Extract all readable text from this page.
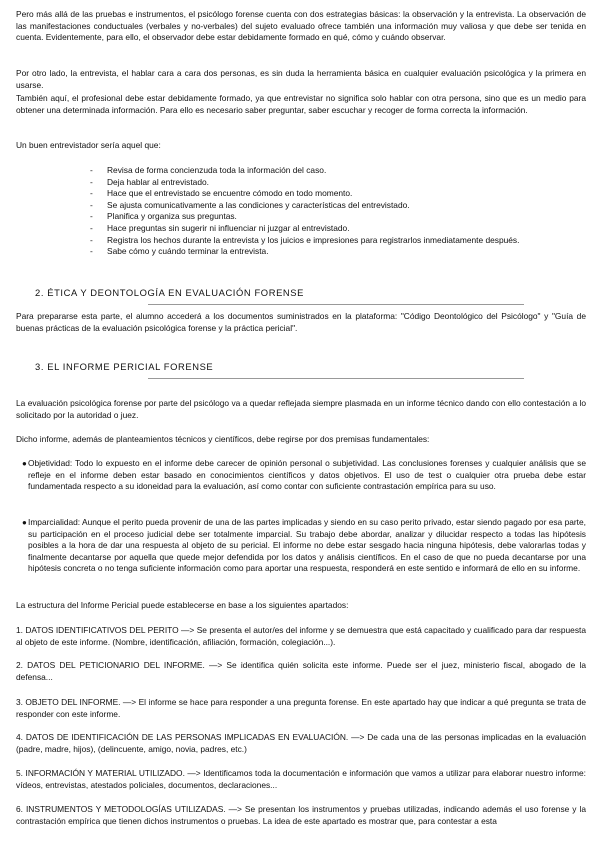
Pero más allá de las pruebas e instrumentos, el psicólogo forense cuenta con dos estrategias básicas: la observación y la entrevista. La observación de las manifestaciones conductuales (verbales y no-verbales) del sujeto evaluado ofrece también una información muy valiosa y que debe ser tenida en cuenta. Evidentemente, para ello, el observador debe estar debidamente formado en qué, cómo y cuándo observar.

Por otro lado, la entrevista, el hablar cara a cara dos personas, es sin duda la herramienta básica en cualquier evaluación psicológica y la primera en usarse.

También aquí, el profesional debe estar debidamente formado, ya que entrevistar no significa solo hablar con otra persona, sino que es un medio para obtener una determinada información. Para ello es necesario saber preguntar, saber escuchar y recoger de forma correcta la información.

Un buen entrevistador sería aquel que:

- Revisa de forma concienzuda toda la información del caso.
- Deja hablar al entrevistado.
- Hace que el entrevistado se encuentre cómodo en todo momento.
- Se ajusta comunicativamente a las condiciones y características del entrevistado.
- Planifica y organiza sus preguntas.
- Hace preguntas sin sugerir ni influenciar ni juzgar al entrevistado.
- Registra los hechos durante la entrevista y los juicios e impresiones para registrarlos inmediatamente después.
- Sabe cómo y cuándo terminar la entrevista.
2. ÉTICA Y DEONTOLOGÍA EN EVALUACIÓN FORENSE

Para prepararse esta parte, el alumno accederá a los documentos suministrados en la plataforma: "Código Deontológico del Psicólogo" y "Guía de buenas prácticas de la evaluación psicológica forense y la práctica pericial".

3. EL INFORME PERICIAL FORENSE

La evaluación psicológica forense por parte del psicólogo va a quedar reflejada siempre plasmada en un informe técnico dando con ello contestación a lo solicitado por la autoridad o juez.

Dicho informe, además de planteamientos técnicos y científicos, debe regirse por dos premisas fundamentales:

● Objetividad: Todo lo expuesto en el informe debe carecer de opinión personal o subjetividad. Las conclusiones forenses y cualquier análisis que se refleje en el informe deben estar basado en conocimientos científicos y datos objetivos. El uso de test o cualquier otra prueba debe estar fundamentada respecto a su idoneidad para la evaluación, así como contar con suficiente contrastación empírica para su uso.

● Imparcialidad: Aunque el perito pueda provenir de una de las partes implicadas y siendo en su caso perito privado, estar siendo pagado por esa parte, su participación en el proceso judicial debe ser totalmente imparcial. Su trabajo debe abordar, analizar y dilucidar respecto a todas las hipótesis posibles a la hora de dar una respuesta al objeto de su pericial. El informe no debe estar sesgado hacia ninguna hipótesis, debe valorarlas todas y finalmente decantarse por aquella que quede mejor defendida por los datos y análisis científicos. En el caso de que no pueda decantarse por una hipótesis concreta o no tenga suficiente información como para aportar una respuesta, responderá en este sentido e informará de ello en su informe.

La estructura del Informe Pericial puede establecerse en base a los siguientes apartados:

1. DATOS IDENTIFICATIVOS DEL PERITO —> Se presenta el autor/es del informe y se demuestra que está capacitado y cualificado para dar respuesta al objeto de este informe. (Nombre, identificación, afiliación, formación, colegiación...).

2. DATOS DEL PETICIONARIO DEL INFORME. —> Se identifica quién solicita este informe. Puede ser el juez, ministerio fiscal, abogado de la defensa...

3. OBJETO DEL INFORME. —> El informe se hace para responder a una pregunta forense. En este apartado hay que indicar a qué pregunta se trata de responder con este informe.

4. DATOS DE IDENTIFICACIÓN DE LAS PERSONAS IMPLICADAS EN EVALUACIÓN. —> De cada una de las personas implicadas en la evaluación (padre, madre, hijos), (delincuente, amigo, novia, padres, etc.)

5. INFORMACIÓN Y MATERIAL UTILIZADO. —> Identificamos toda la documentación e información que vamos a utilizar para elaborar nuestro informe: vídeos, entrevistas, atestados policiales, documentos, declaraciones...

6. INSTRUMENTOS Y METODOLOGÍAS UTILIZADAS. —> Se presentan los instrumentos y pruebas utilizadas, indicando además el uso forense y la contrastación empírica que tienen dichos instrumentos o pruebas. La idea de este apartado es mostrar que, para contestar a esta
